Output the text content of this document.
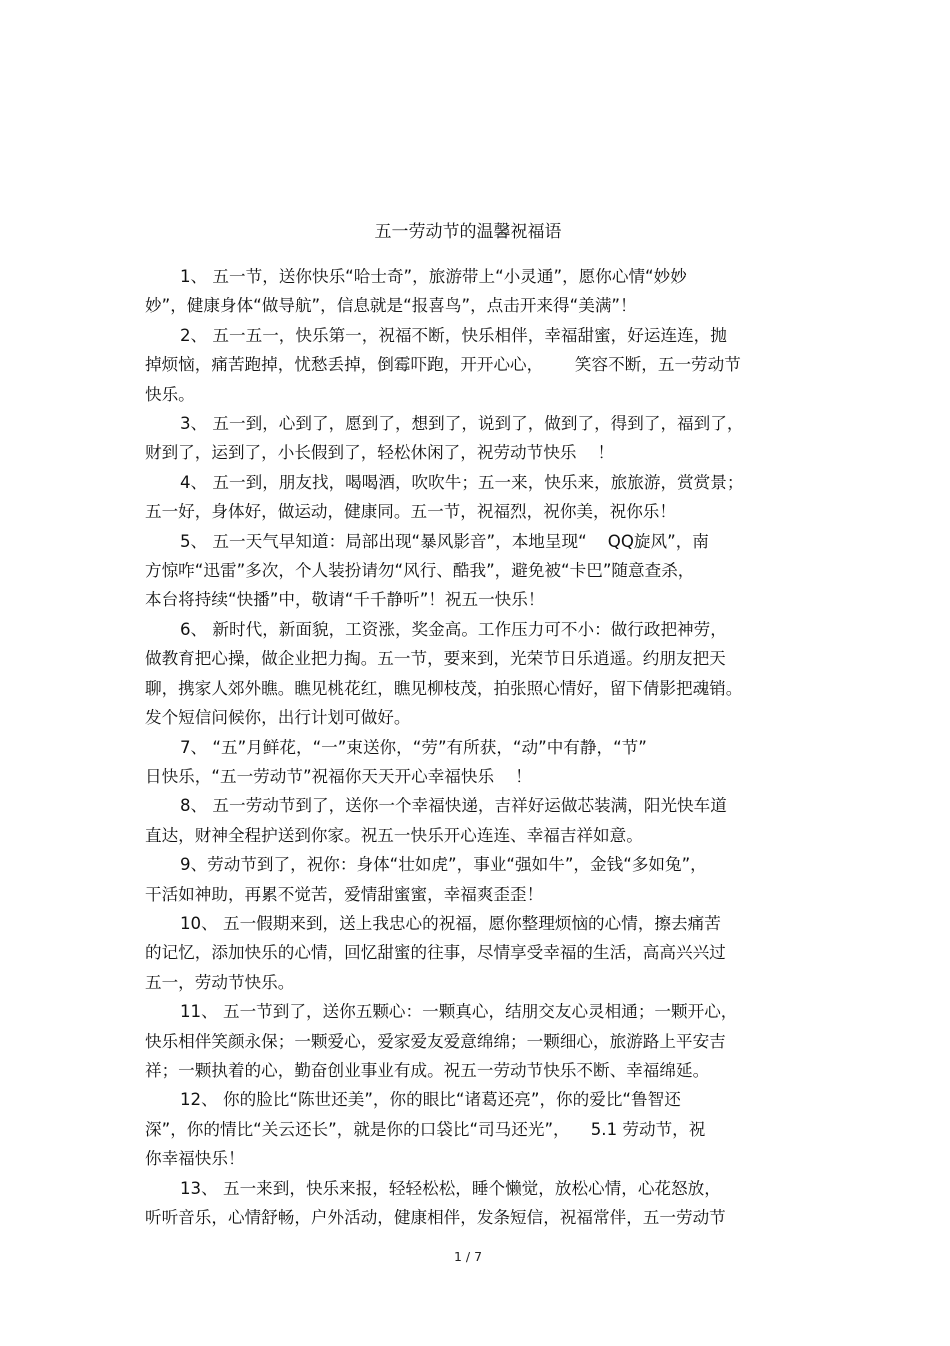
五一劳动节的温馨祝福语
1、 五一节，送你快乐“哈士奇”，旅游带上“小灵通”，愿你心情“妙妙
妙”，健康身体“做导航”，信息就是“报喜鸟”，点击开来得“美满”！
2、 五一五一，快乐第一，祝福不断，快乐相伴，幸福甜蜜，好运连连，抛
掉烦恼，痛苦跑掉，忧愁丢掉，倒霉吓跑，开开心心，      笑容不断，五一劳动节
快乐。
3、 五一到，心到了，愿到了，想到了，说到了，做到了，得到了，福到了，
财到了，运到了，小长假到了，轻松休闲了，祝劳动节快乐    ！
4、 五一到，朋友找，喝喝酒，吹吹牛；五一来，快乐来，旅旅游，赏赏景；
五一好，身体好，做运动，健康同。五一节，祝福烈，祝你美，祝你乐！
5、 五一天气早知道：局部出现“暴风影音”，本地呈现“    QQ旋风”，南
方惊咋“迅雷”多次，个人装扮请勿“风行、酷我”，避免被“卡巴”随意查杀，
本台将持续“快播”中，敬请“千千静听”！祝五一快乐！
6、 新时代，新面貌，工资涨，奖金高。工作压力可不小：做行政把神劳，
做教育把心操，做企业把力掏。五一节，要来到，光荣节日乐逍遥。约朋友把天
聊，携家人郊外瞧。瞧见桃花红，瞧见柳枝茂，拍张照心情好，留下倩影把魂销。
发个短信问候你，出行计划可做好。
7、 “五”月鲜花，“一”束送你，“劳”有所获，“动”中有静，“节”
日快乐，“五一劳动节”祝福你天天开心幸福快乐    ！
8、 五一劳动节到了，送你一个幸福快递，吉祥好运做芯装满，阳光快车道
直达，财神全程护送到你家。祝五一快乐开心连连、幸福吉祥如意。
9、劳动节到了，祝你：身体“壮如虎”，事业“强如牛”，金钱“多如兔”，
干活如神助，再累不觉苦，爱情甜蜜蜜，幸福爽歪歪！
10、 五一假期来到，送上我忠心的祝福，愿你整理烦恼的心情，擦去痛苦
的记忆，添加快乐的心情，回忆甜蜜的往事，尽情享受幸福的生活，高高兴兴过
五一，劳动节快乐。
11、 五一节到了，送你五颗心：一颗真心，结朋交友心灵相通；一颗开心，
快乐相伴笑颜永保；一颗爱心，爱家爱友爱意绵绵；一颗细心，旅游路上平安吉
祥；一颗执着的心，勤奋创业事业有成。祝五一劳动节快乐不断、幸福绵延。
12、 你的脸比“陈世还美”，你的眼比“诸葛还亮”，你的爱比“鲁智还
深”，你的情比“关云还长”，就是你的口袋比“司马还光”，    5.1 劳动节，祝
你幸福快乐！
13、 五一来到，快乐来报，轻轻松松，睡个懒觉，放松心情，心花怒放，
听听音乐，心情舒畅，户外活动，健康相伴，发条短信，祝福常伴，五一劳动节
1 / 7
